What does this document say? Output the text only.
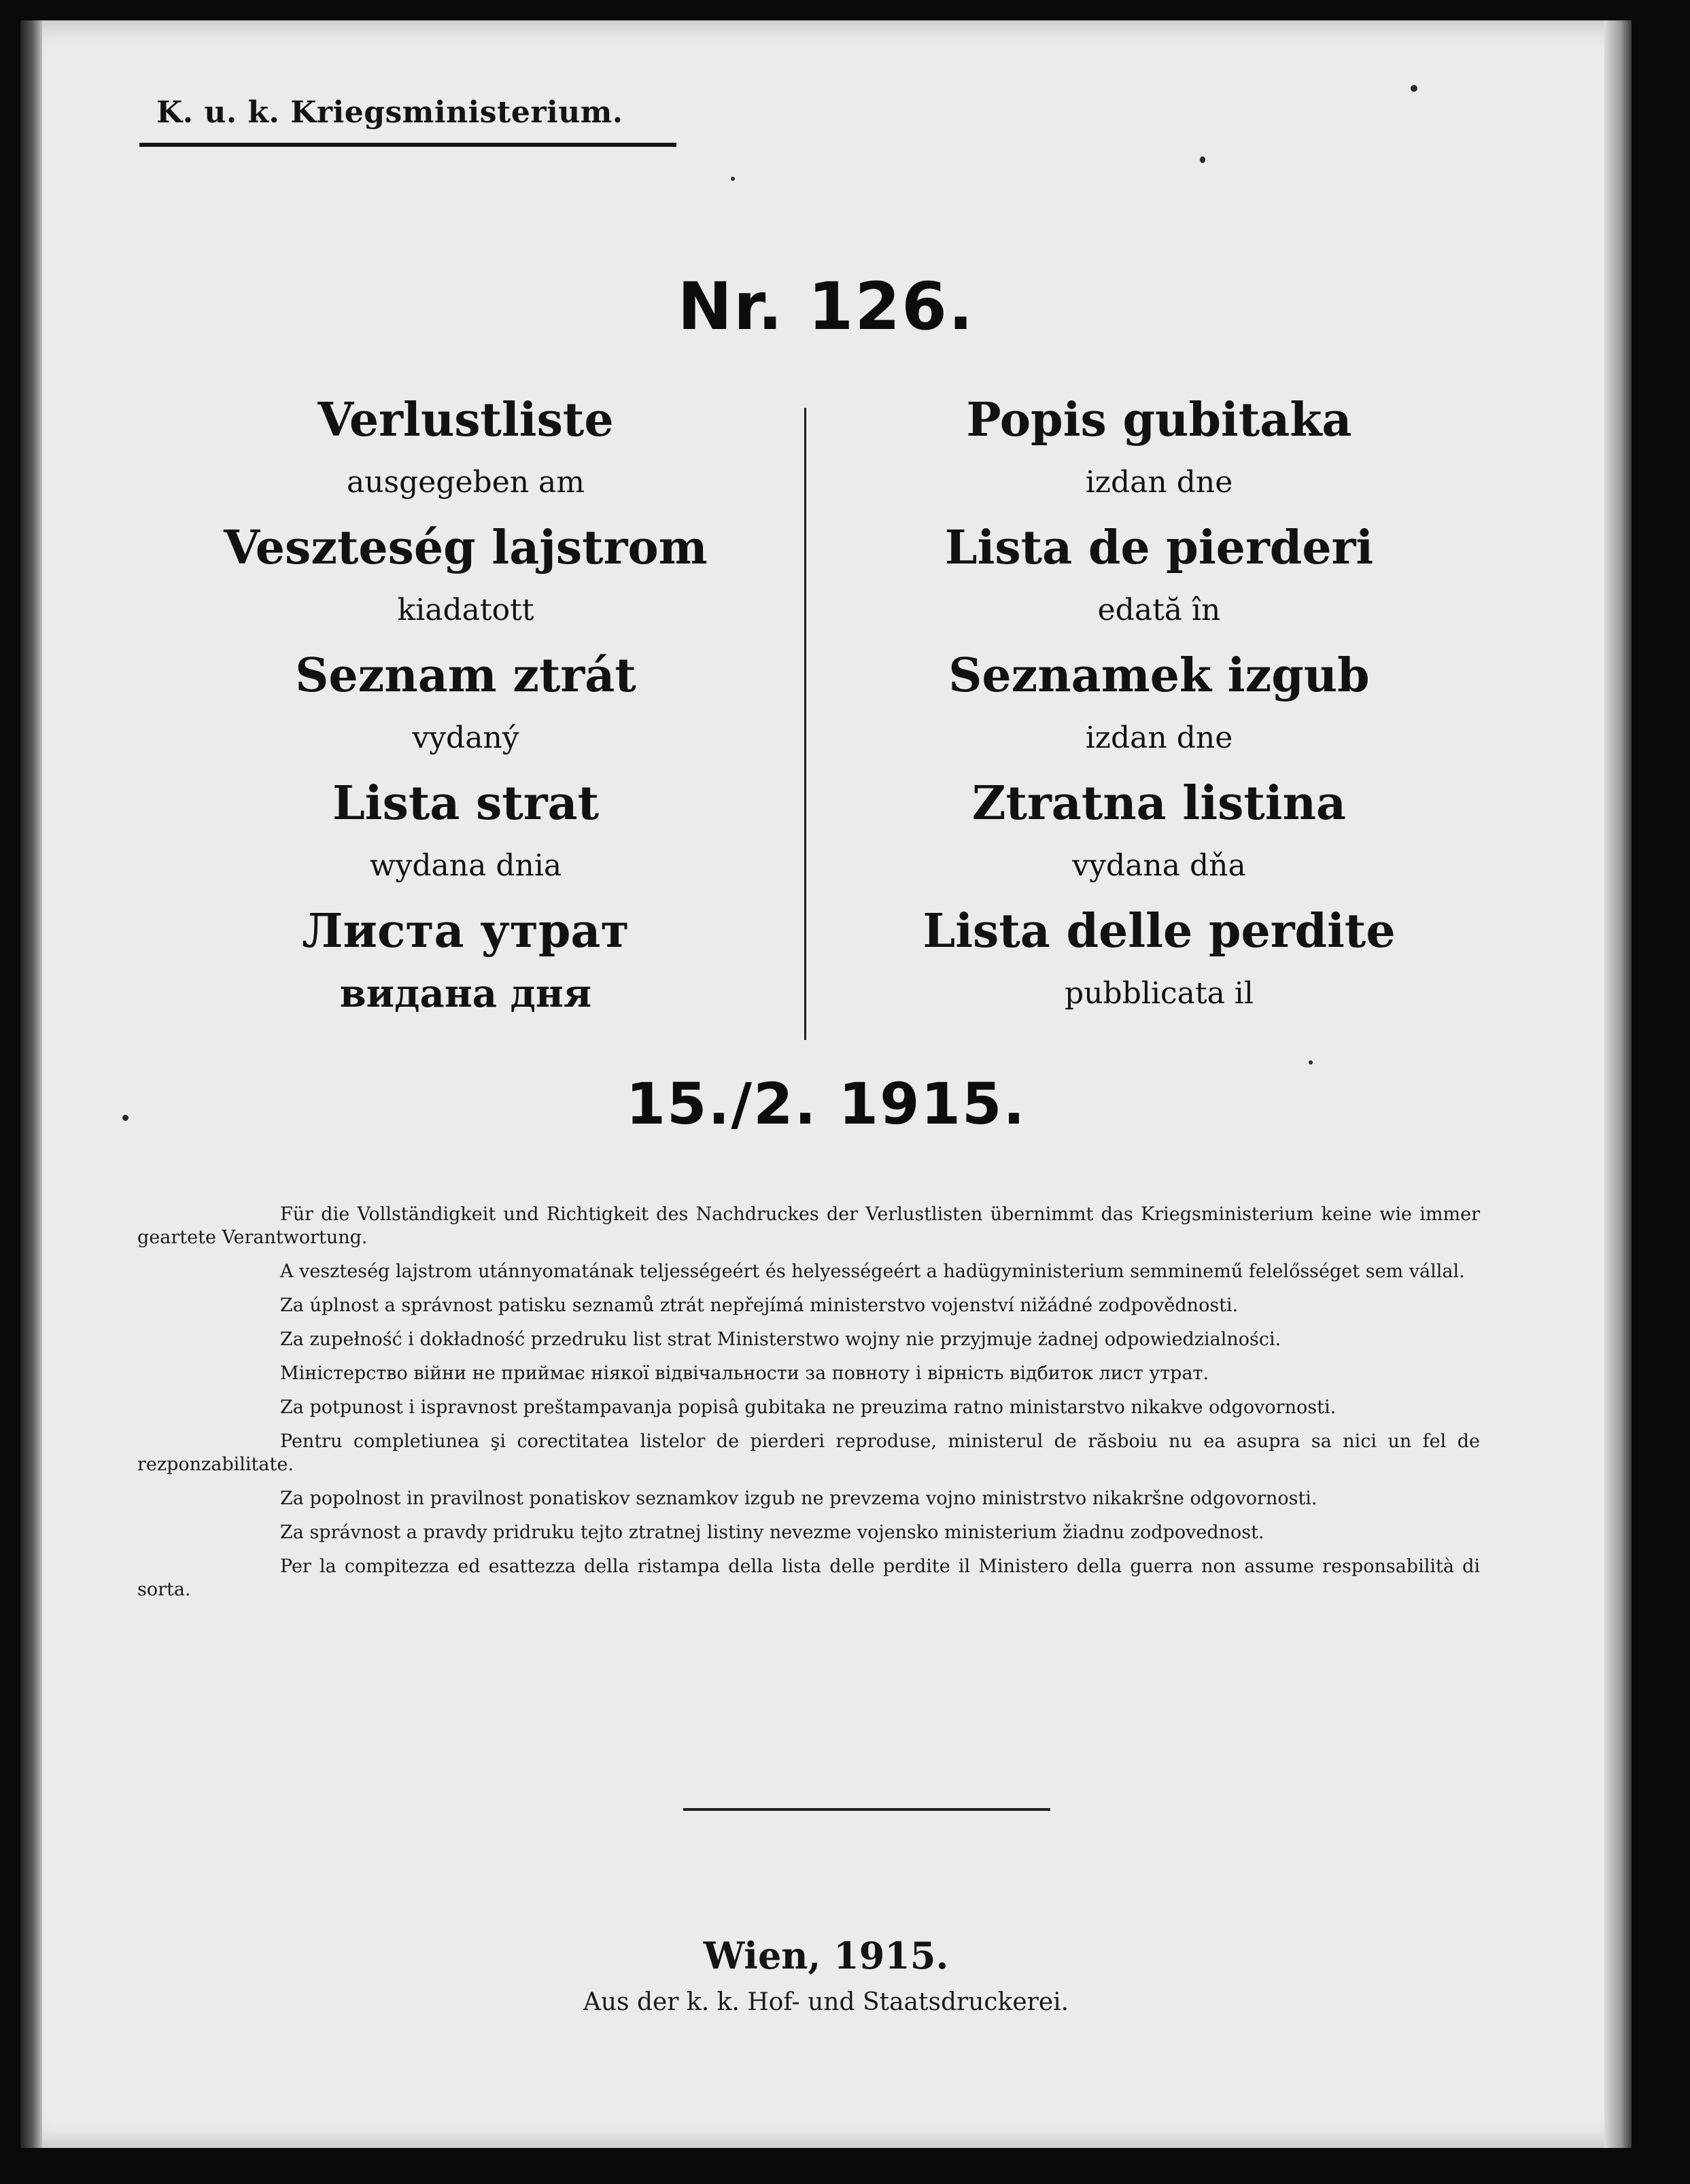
K. u. k. Kriegsministerium.
Nr. 126.
Verlustliste
ausgegeben am
Veszteség lajstrom
kiadatott
Seznam ztrát
vydaný
Lista strat
wydana dnia
Листа утрат
видана дня
Popis gubitaka
izdan dne
Lista de pierderi
edată în
Seznamek izgub
izdan dne
Ztratna listina
vydana dňa
Lista delle perdite
pubblicata il
15./2. 1915.

Für die Vollständigkeit und Richtigkeit des Nachdruckes der Verlustlisten übernimmt das Kriegsministerium keine wie immer geartete Verantwortung.

A veszteség lajstrom utánnyomatának teljességeért és helyességeért a hadügyministerium semminemű felelősséget sem vállal.

Za úplnost a správnost patisku seznamů ztrát nepřejímá ministerstvo vojenství nižádné zodpovědnosti.

Za zupełność i dokładność przedruku list strat Ministerstwo wojny nie przyjmuje żadnej odpowiedzialności.

Міністерство війни не приймає ніякої відвічальности за повноту і вірність відбиток лист утрат.

Za potpunost i ispravnost preštampavanja popisâ gubitaka ne preuzima ratno ministarstvo nikakve odgovornosti.

Pentru completiunea şi corectitatea listelor de pierderi reproduse, ministerul de răsboiu nu ea asupra sa nici un fel de rezponzabilitate.

Za popolnost in pravilnost ponatiskov seznamkov izgub ne prevzema vojno ministrstvo nikakršne odgovornosti.

Za správnost a pravdy pridruku tejto ztratnej listiny nevezme vojensko ministerium žiadnu zodpovednost.

Per la compitezza ed esattezza della ristampa della lista delle perdite il Ministero della guerra non assume responsabilità di sorta.

Wien, 1915.
Aus der k. k. Hof- und Staatsdruckerei.
